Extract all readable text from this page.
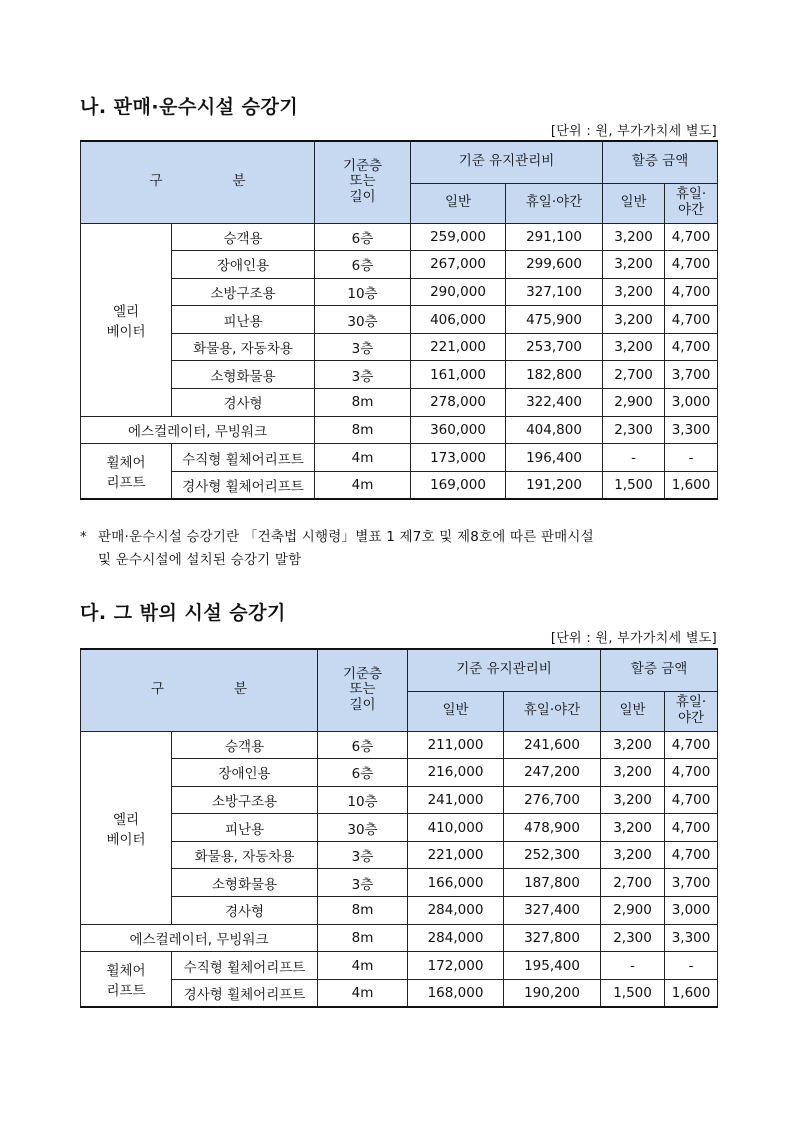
나. 판매·운수시설 승강기

[단위 : 원, 부가가치세 별도]

구 분		기준층
또는
길이	기준 유지관리비		할증 금액	
			일반	휴일·야간	일반	휴일·
야간
엘리
베이터	승객용	6층	259,000	291,100	3,200	4,700
	장애인용	6층	267,000	299,600	3,200	4,700
	소방구조용	10층	290,000	327,100	3,200	4,700
	피난용	30층	406,000	475,900	3,200	4,700
	화물용, 자동차용	3층	221,000	253,700	3,200	4,700
	소형화물용	3층	161,000	182,800	2,700	3,700
	경사형	8m	278,000	322,400	2,900	3,000
에스컬레이터, 무빙워크		8m	360,000	404,800	2,300	3,300
휠체어
리프트	수직형 휠체어리프트	4m	173,000	196,400	-	-
	경사형 휠체어리프트	4m	169,000	191,200	1,500	1,600

* 판매·운수시설 승강기란 「건축법 시행령」별표 1 제7호 및 제8호에 따른 판매시설
및 운수시설에 설치된 승강기 말함

다. 그 밖의 시설 승강기

[단위 : 원, 부가가치세 별도]

구 분		기준층
또는
길이	기준 유지관리비		할증 금액	
			일반	휴일·야간	일반	휴일·
야간
엘리
베이터	승객용	6층	211,000	241,600	3,200	4,700
	장애인용	6층	216,000	247,200	3,200	4,700
	소방구조용	10층	241,000	276,700	3,200	4,700
	피난용	30층	410,000	478,900	3,200	4,700
	화물용, 자동차용	3층	221,000	252,300	3,200	4,700
	소형화물용	3층	166,000	187,800	2,700	3,700
	경사형	8m	284,000	327,400	2,900	3,000
에스컬레이터, 무빙워크		8m	284,000	327,800	2,300	3,300
휠체어
리프트	수직형 휠체어리프트	4m	172,000	195,400	-	-
	경사형 휠체어리프트	4m	168,000	190,200	1,500	1,600
